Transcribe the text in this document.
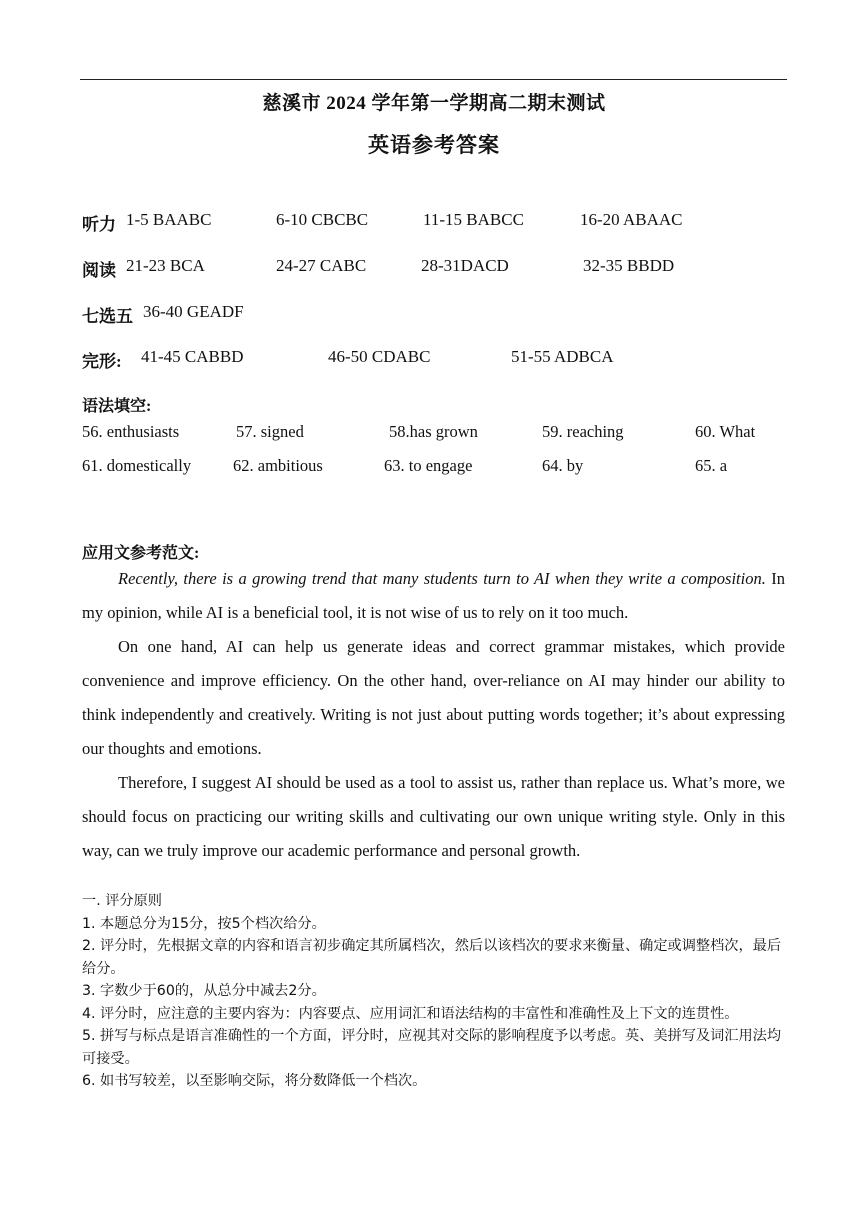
慈溪市 2024 学年第一学期高二期末测试
英语参考答案
听力 1-5 BAABC	6-10 CBCBC	11-15 BABCC	16-20 ABAAC
阅读 21-23 BCA	24-27 CABC	28-31DACD	32-35 BBDD
七选五 36-40 GEADF
完形: 41-45 CABBD	46-50 CDABC	51-55 ADBCA
语法填空:
56. enthusiasts	57. signed	58.has grown	59. reaching	60. What
61. domestically	62. ambitious	63. to engage	64. by	65. a
应用文参考范文:

Recently, there is a growing trend that many students turn to AI when they write a composition. In my opinion, while AI is a beneficial tool, it is not wise of us to rely on it too much.

On one hand, AI can help us generate ideas and correct grammar mistakes, which provide convenience and improve efficiency. On the other hand, over-reliance on AI may hinder our ability to think independently and creatively. Writing is not just about putting words together; it’s about expressing our thoughts and emotions.

Therefore, I suggest AI should be used as a tool to assist us, rather than replace us. What’s more, we should focus on practicing our writing skills and cultivating our own unique writing style. Only in this way, can we truly improve our academic performance and personal growth.

一. 评分原则
1. 本题总分为15分，按5个档次给分。
2. 评分时，先根据文章的内容和语言初步确定其所属档次，然后以该档次的要求来衡量、确定或调整档次，最后给分。
3. 字数少于60的，从总分中减去2分。
4. 评分时，应注意的主要内容为：内容要点、应用词汇和语法结构的丰富性和准确性及上下文的连贯性。
5. 拼写与标点是语言准确性的一个方面，评分时，应视其对交际的影响程度予以考虑。英、美拼写及词汇用法均可接受。
6. 如书写较差，以至影响交际，将分数降低一个档次。
